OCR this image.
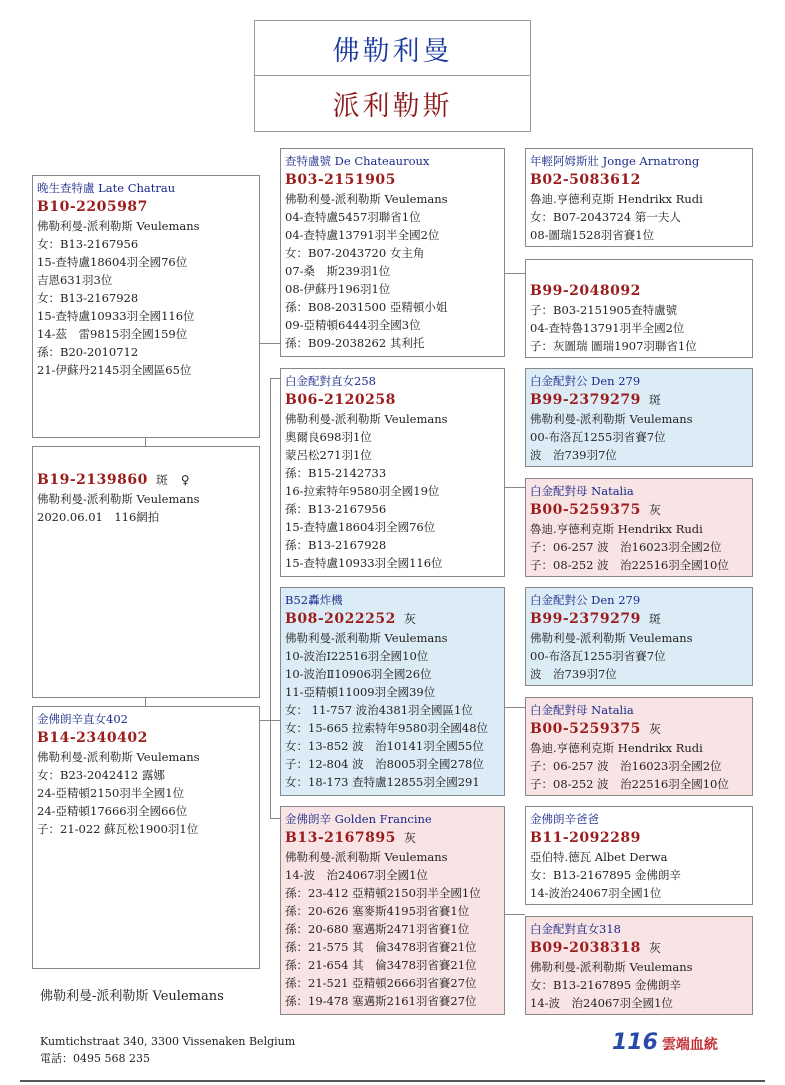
佛勒利曼
派利勒斯
晚生查特盧 Late Chatrau
B10-2205987
佛勒利曼-派利勒斯 Veulemans
女：B13-2167956
15-查特盧18604羽全國76位
吉恩631羽3位
女：B13-2167928
15-查特盧10933羽全國116位
14-茲　雷9815羽全國159位
孫：B20-2010712
21-伊蘇丹2145羽全國區65位
B19-2139860 斑　♀
佛勒利曼-派利勒斯 Veulemans
2020.06.01　116網拍
金佛朗辛直女402
B14-2340402
佛勒利曼-派利勒斯 Veulemans
女：B23-2042412 露娜
24-亞精頓2150羽半全國1位
24-亞精頓17666羽全國66位
子：21-022 蘇瓦松1900羽1位
查特盧號 De Chateauroux
B03-2151905
佛勒利曼-派利勒斯 Veulemans
04-查特盧5457羽聯省1位
04-查特盧13791羽半全國2位
女：B07-2043720 女主角
07-桑　斯239羽1位
08-伊蘇丹196羽1位
孫：B08-2031500 亞精頓小姐
09-亞精頓6444羽全國3位
孫：B09-2038262 其利托
白金配對直女258
B06-2120258
佛勒利曼-派利勒斯 Veulemans
奧爾良698羽1位
蒙呂松271羽1位
孫：B15-2142733
16-拉索特年9580羽全國19位
孫：B13-2167956
15-查特盧18604羽全國76位
孫：B13-2167928
15-查特盧10933羽全國116位
B52轟炸機
B08-2022252 灰
佛勒利曼-派利勒斯 Veulemans
10-波治Ⅰ22516羽全國10位
10-波治Ⅱ10906羽全國26位
11-亞精頓11009羽全國39位
女： 11-757 波治4381羽全國區1位
女：15-665 拉索特年9580羽全國48位
女：13-852 波　治10141羽全國55位
子：12-804 波　治8005羽全國278位
女：18-173 查特盧12855羽全國291
金佛朗辛 Golden Francine
B13-2167895 灰
佛勒利曼-派利勒斯 Veulemans
14-波　治24067羽全國1位
孫：23-412 亞精頓2150羽半全國1位
孫：20-626 塞麥斯4195羽省賽1位
孫：20-680 塞邁斯2471羽省賽1位
孫：21-575 其　倫3478羽省賽21位
孫：21-654 其　倫3478羽省賽21位
孫：21-521 亞精頓2666羽省賽27位
孫：19-478 塞邁斯2161羽省賽27位
年輕阿姆斯壯 Jonge Arnatrong
B02-5083612
魯迪.亨德利克斯 Hendrikx Rudi
女：B07-2043724 第一夫人
08-圖瑞1528羽省賽1位
B99-2048092
子：B03-2151905查特盧號
04-查特魯13791羽半全國2位
子：灰圖瑞 圖瑞1907羽聯省1位
白金配對公 Den 279
B99-2379279 斑
佛勒利曼-派利勒斯 Veulemans
00-布洛瓦1255羽省賽7位
波　治739羽7位
白金配對母 Natalia
B00-5259375 灰
魯迪.亨德利克斯 Hendrikx Rudi
子：06-257 波　治16023羽全國2位
子：08-252 波　治22516羽全國10位
白金配對公 Den 279
B99-2379279 斑
佛勒利曼-派利勒斯 Veulemans
00-布洛瓦1255羽省賽7位
波　治739羽7位
白金配對母 Natalia
B00-5259375 灰
魯迪.亨德利克斯 Hendrikx Rudi
子：06-257 波　治16023羽全國2位
子：08-252 波　治22516羽全國10位
金佛朗辛爸爸
B11-2092289
亞伯特.德瓦 Albet Derwa
女：B13-2167895 金佛朗辛
14-波治24067羽全國1位
白金配對直女318
B09-2038318 灰
佛勒利曼-派利勒斯 Veulemans
女：B13-2167895 金佛朗辛
14-波　治24067羽全國1位
佛勒利曼-派利勒斯 Veulemans
Kumtichstraat 340, 3300 Vissenaken Belgium
電話：0495 568 235
116 雲端血統
